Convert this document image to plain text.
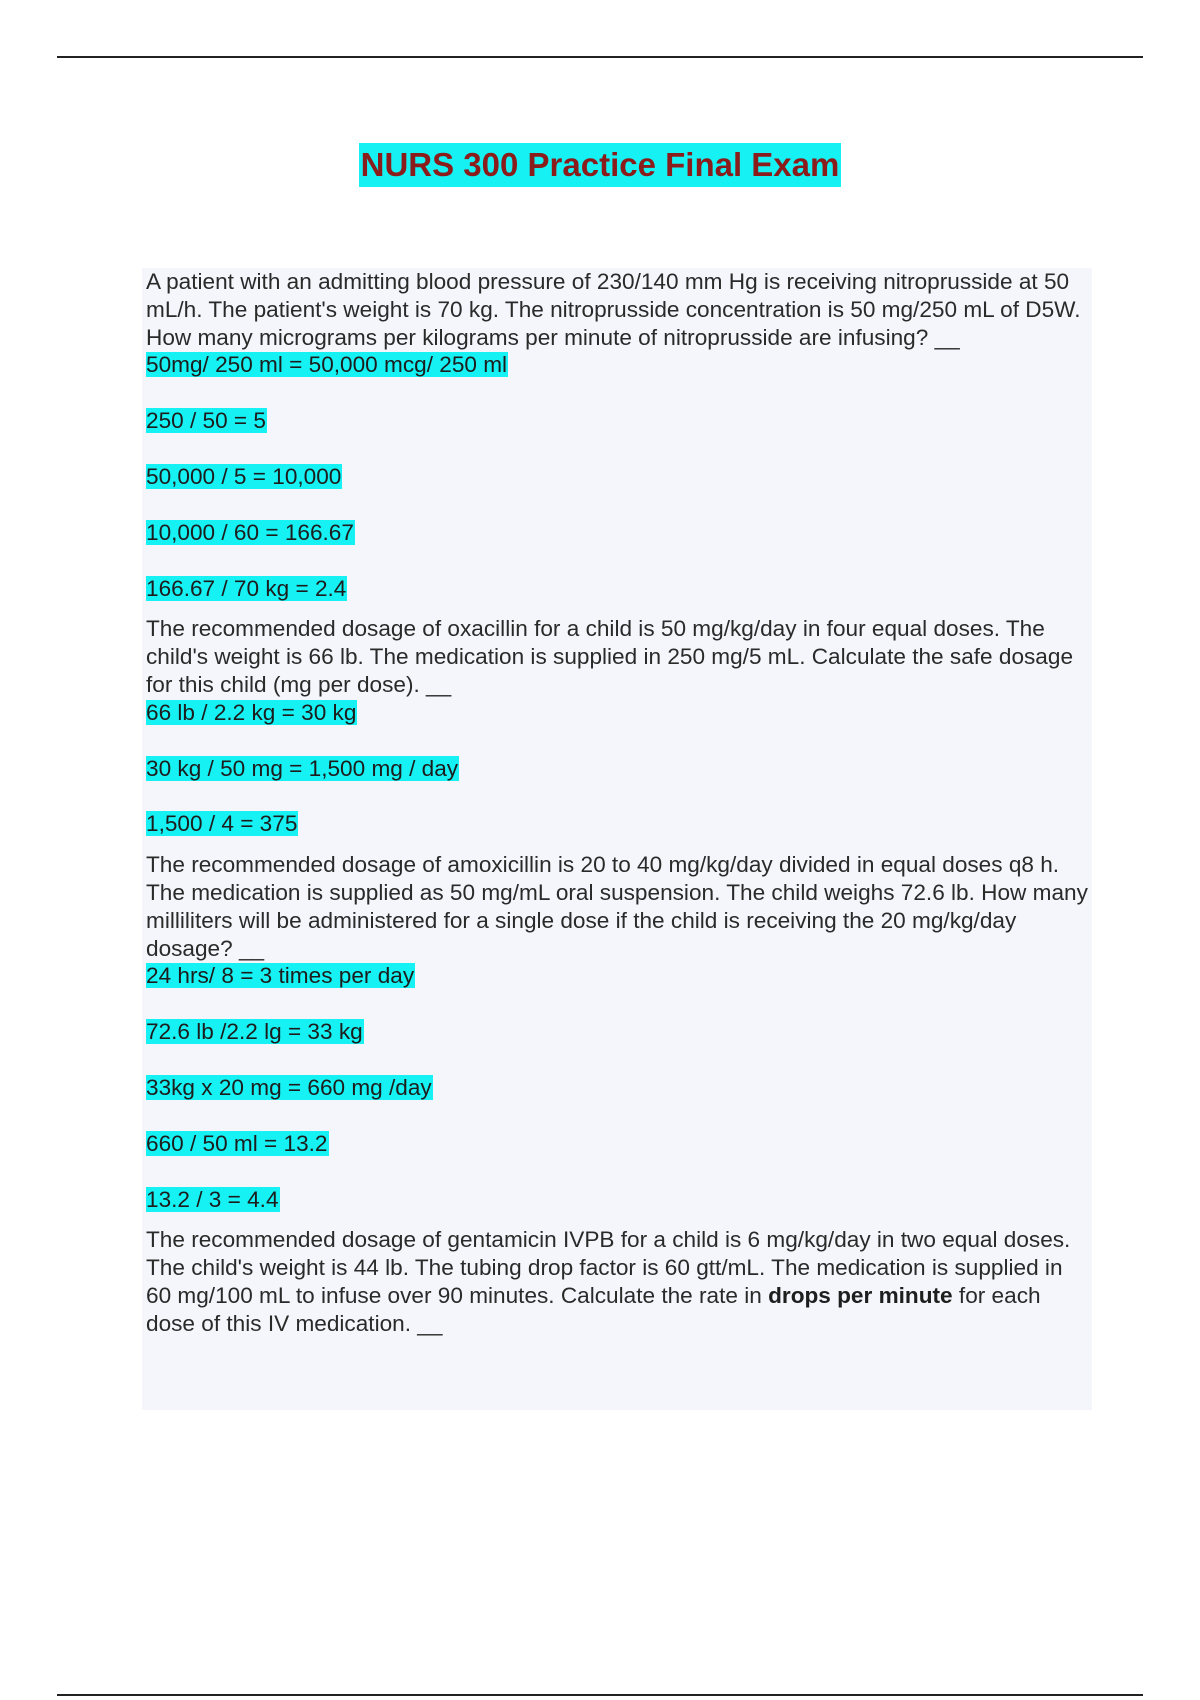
NURS 300 Practice Final Exam

A patient with an admitting blood pressure of 230/140 mm Hg is receiving nitroprusside at 50 mL/h. The patient's weight is 70 kg. The nitroprusside concentration is 50 mg/250 mL of D5W. How many micrograms per kilograms per minute of nitroprusside are infusing? __

50mg/ 250 ml = 50,000 mcg/ 250 ml
250 / 50 = 5
50,000 / 5 = 10,000
10,000 / 60 = 166.67
166.67 / 70 kg = 2.4

The recommended dosage of oxacillin for a child is 50 mg/kg/day in four equal doses. The child's weight is 66 lb. The medication is supplied in 250 mg/5 mL. Calculate the safe dosage for this child (mg per dose). __

66 lb / 2.2 kg = 30 kg
30 kg / 50 mg = 1,500 mg / day
1,500 / 4 = 375

The recommended dosage of amoxicillin is 20 to 40 mg/kg/day divided in equal doses q8 h. The medication is supplied as 50 mg/mL oral suspension. The child weighs 72.6 lb. How many milliliters will be administered for a single dose if the child is receiving the 20 mg/kg/day dosage? __

24 hrs/ 8 = 3 times per day
72.6 lb /2.2 lg = 33 kg
33kg x 20 mg = 660 mg /day
660 / 50 ml = 13.2
13.2 / 3 = 4.4

The recommended dosage of gentamicin IVPB for a child is 6 mg/kg/day in two equal doses. The child's weight is 44 lb. The tubing drop factor is 60 gtt/mL. The medication is supplied in 60 mg/100 mL to infuse over 90 minutes. Calculate the rate in drops per minute for each dose of this IV medication. __
